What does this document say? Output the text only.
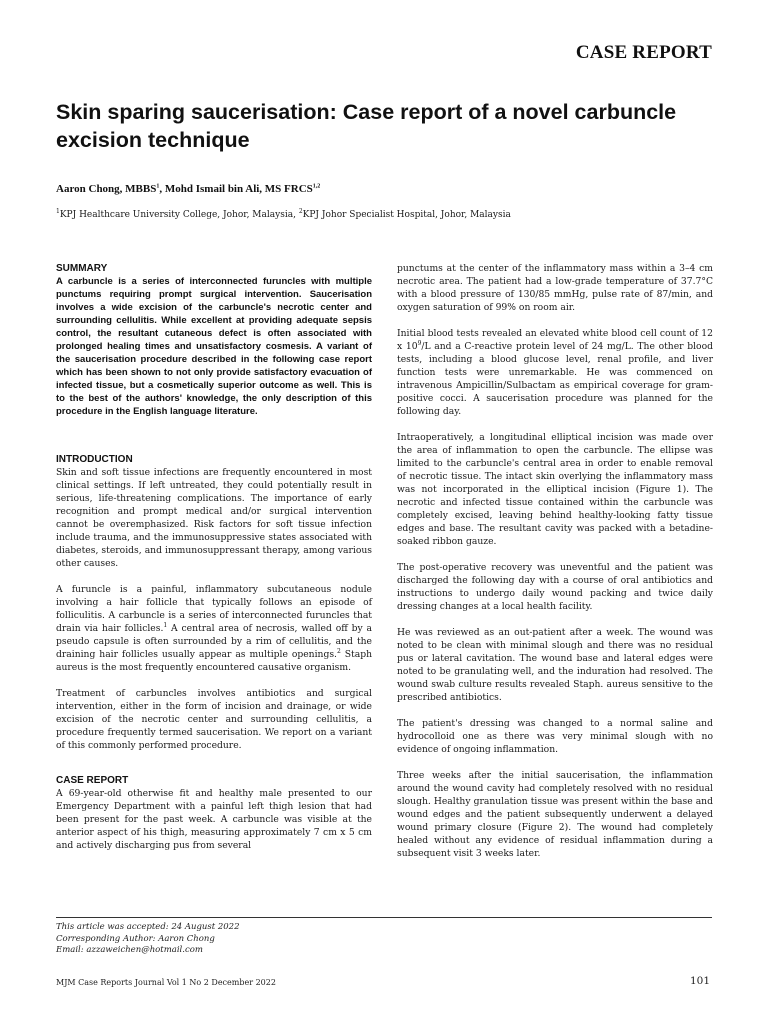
CASE REPORT
Skin sparing saucerisation: Case report of a novel carbuncle excision technique
Aaron Chong, MBBS$^1$, Mohd Ismail bin Ali, MS FRCS$^{1,2}$
$^1$KPJ Healthcare University College, Johor, Malaysia, $^2$KPJ Johor Specialist Hospital, Johor, Malaysia
SUMMARY
A carbuncle is a series of interconnected furuncles with multiple punctums requiring prompt surgical intervention. Saucerisation involves a wide excision of the carbuncle's necrotic center and surrounding cellulitis. While excellent at providing adequate sepsis control, the resultant cutaneous defect is often associated with prolonged healing times and unsatisfactory cosmesis. A variant of the saucerisation procedure described in the following case report which has been shown to not only provide satisfactory evacuation of infected tissue, but a cosmetically superior outcome as well. This is to the best of the authors' knowledge, the only description of this procedure in the English language literature.
INTRODUCTION

Skin and soft tissue infections are frequently encountered in most clinical settings. If left untreated, they could potentially result in serious, life-threatening complications. The importance of early recognition and prompt medical and/or surgical intervention cannot be overemphasized. Risk factors for soft tissue infection include trauma, and the immunosuppressive states associated with diabetes, steroids, and immunosuppressant therapy, among various other causes.

A furuncle is a painful, inflammatory subcutaneous nodule involving a hair follicle that typically follows an episode of folliculitis. A carbuncle is a series of interconnected furuncles that drain via hair follicles.$^1$ A central area of necrosis, walled off by a pseudo capsule is often surrounded by a rim of cellulitis, and the draining hair follicles usually appear as multiple openings.$^2$ Staph aureus is the most frequently encountered causative organism.

Treatment of carbuncles involves antibiotics and surgical intervention, either in the form of incision and drainage, or wide excision of the necrotic center and surrounding cellulitis, a procedure frequently termed saucerisation. We report on a variant of this commonly performed procedure.

CASE REPORT

A 69-year-old otherwise fit and healthy male presented to our Emergency Department with a painful left thigh lesion that had been present for the past week. A carbuncle was visible at the anterior aspect of his thigh, measuring approximately 7 cm x 5 cm and actively discharging pus from several

punctums at the center of the inflammatory mass within a 3–4 cm necrotic area. The patient had a low-grade temperature of 37.7°C with a blood pressure of 130/85 mmHg, pulse rate of 87/min, and oxygen saturation of 99% on room air.

Initial blood tests revealed an elevated white blood cell count of 12 x $10^9/L$ and a C-reactive protein level of 24 mg/L. The other blood tests, including a blood glucose level, renal profile, and liver function tests were unremarkable. He was commenced on intravenous Ampicillin/Sulbactam as empirical coverage for gram-positive cocci. A saucerisation procedure was planned for the following day.

Intraoperatively, a longitudinal elliptical incision was made over the area of inflammation to open the carbuncle. The ellipse was limited to the carbuncle's central area in order to enable removal of necrotic tissue. The intact skin overlying the inflammatory mass was not incorporated in the elliptical incision (Figure 1). The necrotic and infected tissue contained within the carbuncle was completely excised, leaving behind healthy-looking fatty tissue edges and base. The resultant cavity was packed with a betadine-soaked ribbon gauze.

The post-operative recovery was uneventful and the patient was discharged the following day with a course of oral antibiotics and instructions to undergo daily wound packing and twice daily dressing changes at a local health facility.

He was reviewed as an out-patient after a week. The wound was noted to be clean with minimal slough and there was no residual pus or lateral cavitation. The wound base and lateral edges were noted to be granulating well, and the induration had resolved. The wound swab culture results revealed Staph. aureus sensitive to the prescribed antibiotics.

The patient's dressing was changed to a normal saline and hydrocolloid one as there was very minimal slough with no evidence of ongoing inflammation.

Three weeks after the initial saucerisation, the inflammation around the wound cavity had completely resolved with no residual slough. Healthy granulation tissue was present within the base and wound edges and the patient subsequently underwent a delayed wound primary closure (Figure 2). The wound had completely healed without any evidence of residual inflammation during a subsequent visit 3 weeks later.

This article was accepted: 24 August 2022
Corresponding Author: Aaron Chong
Email: azzaweichen@hotmail.com
MJM Case Reports Journal Vol 1 No 2 December 2022	101
